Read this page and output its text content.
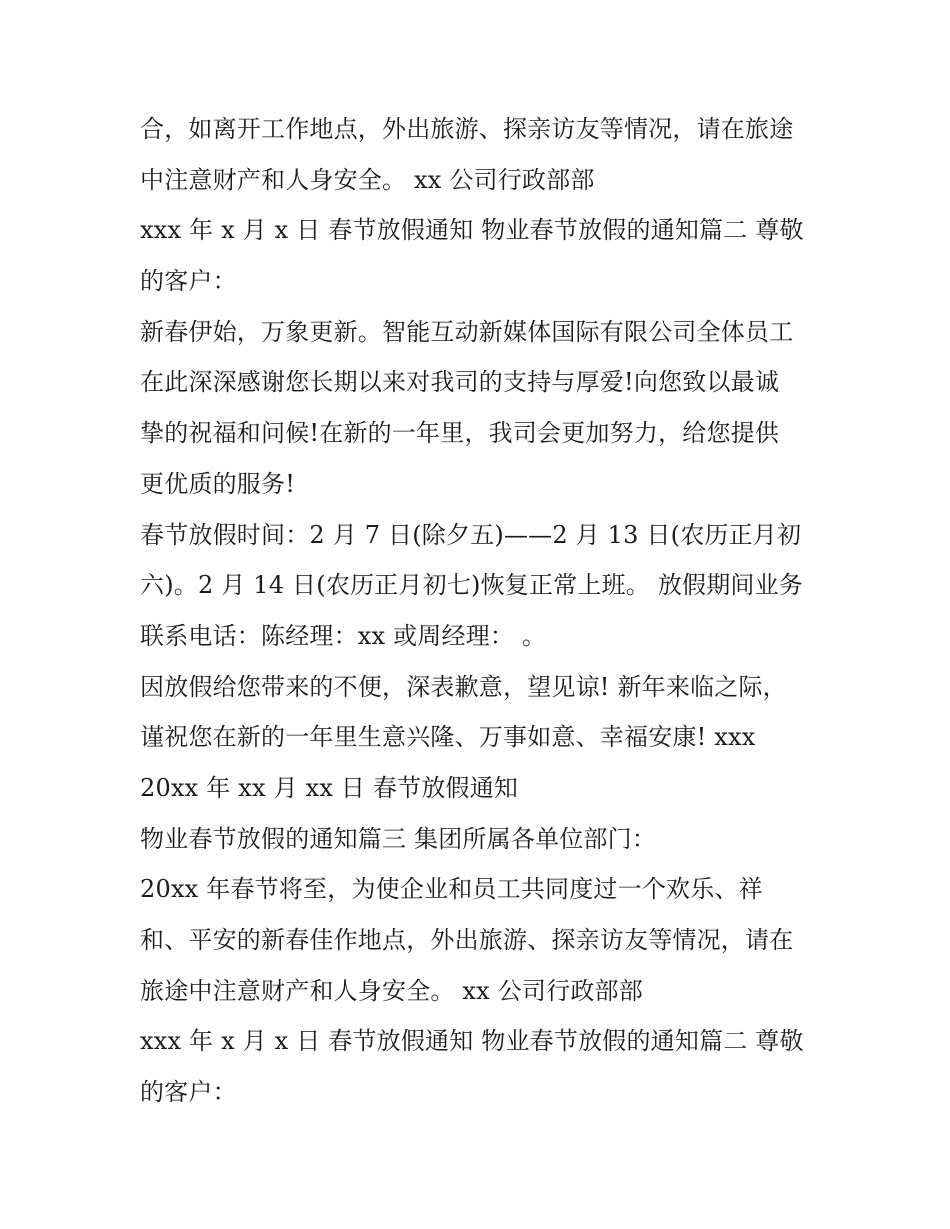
合，如离开工作地点，外出旅游、探亲访友等情况，请在旅途
中注意财产和人身安全。 xx 公司行政部部
xxx 年 x 月 x 日 春节放假通知 物业春节放假的通知篇二 尊敬
的客户：
新春伊始，万象更新。智能互动新媒体国际有限公司全体员工
在此深深感谢您长期以来对我司的支持与厚爱!向您致以最诚
挚的祝福和问候!在新的一年里，我司会更加努力，给您提供
更优质的服务!
春节放假时间：2 月 7 日(除夕五)——2 月 13 日(农历正月初
六)。2 月 14 日(农历正月初七)恢复正常上班。 放假期间业务
联系电话：陈经理：xx 或周经理： 。
因放假给您带来的不便，深表歉意，望见谅! 新年来临之际，
谨祝您在新的一年里生意兴隆、万事如意、幸福安康! xxx
20xx 年 xx 月 xx 日 春节放假通知
物业春节放假的通知篇三 集团所属各单位部门：
20xx 年春节将至，为使企业和员工共同度过一个欢乐、祥
和、平安的新春佳作地点，外出旅游、探亲访友等情况，请在
旅途中注意财产和人身安全。 xx 公司行政部部
xxx 年 x 月 x 日 春节放假通知 物业春节放假的通知篇二 尊敬
的客户：
